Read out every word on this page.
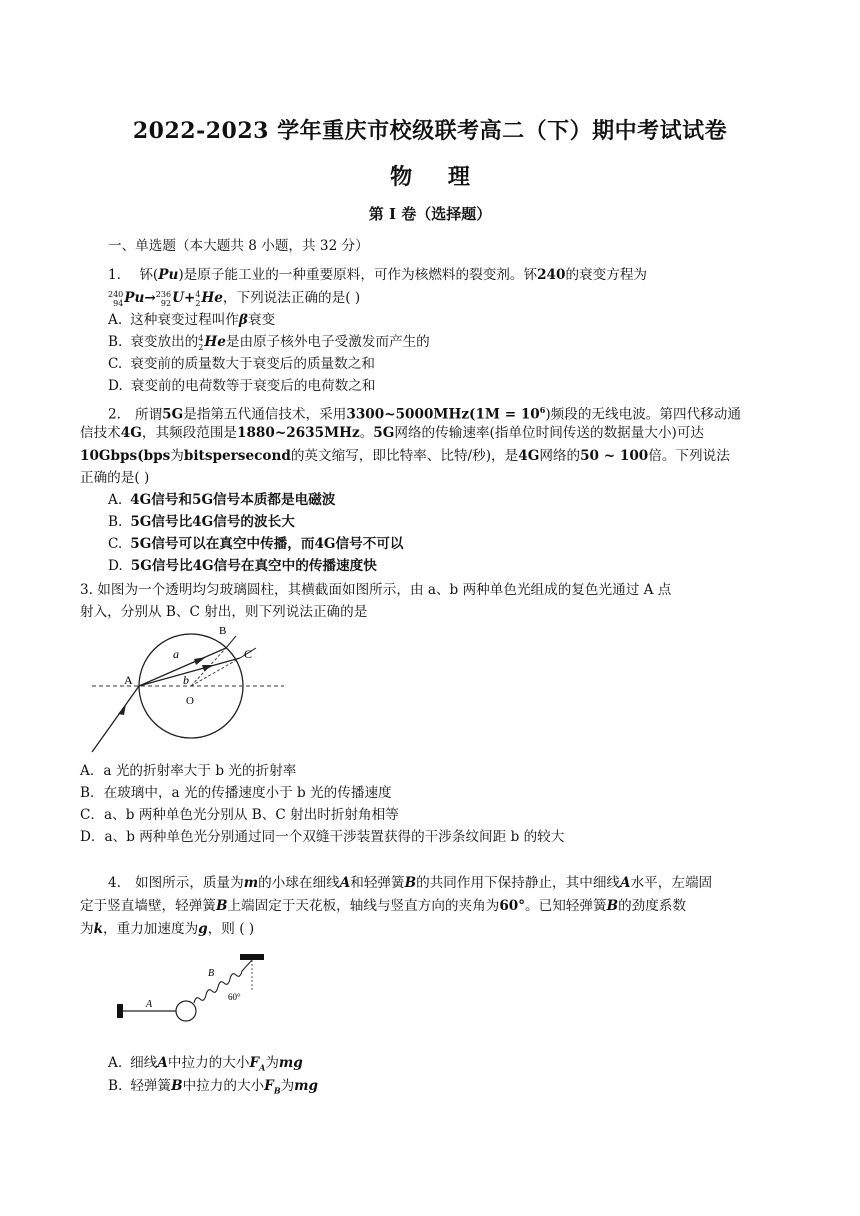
2022-2023 学年重庆市校级联考高二（下）期中考试试卷
物 理
第 I 卷（选择题）
一、单选题（本大题共 8 小题，共 32 分）
1. 钚(Pu)是原子能工业的一种重要原料，可作为核燃料的裂变剂。钚240的衰变方程为
240
94Pu→236
92U+4
2He，下列说法正确的是( )
A. 这种衰变过程叫作β衰变
B. 衰变放出的4
2He是由原子核外电子受激发而产生的
C. 衰变前的质量数大于衰变后的质量数之和
D. 衰变前的电荷数等于衰变后的电荷数之和
2. 所谓5G是指第五代通信技术，采用3300~5000MHz(1M = $10^6$)频段的无线电波。第四代移动通
信技术4G，其频段范围是1880~2635MHz。5G网络的传输速率(指单位时间传送的数据量大小)可达
10Gbps(bps为bitspersecond的英文缩写，即比特率、比特/秒)，是4G网络的50 ~ 100倍。下列说法
正确的是( )
A. 4G信号和5G信号本质都是电磁波
B. 5G信号比4G信号的波长大
C. 5G信号可以在真空中传播，而4G信号不可以
D. 5G信号比4G信号在真空中的传播速度快
3. 如图为一个透明均匀玻璃圆柱，其横截面如图所示，由 a、b 两种单色光组成的复色光通过 A 点
射入，分别从 B、C 射出，则下列说法正确的是
A
B
C
O
a
b
A．a 光的折射率大于 b 光的折射率
B．在玻璃中，a 光的传播速度小于 b 光的传播速度
C．a、b 两种单色光分别从 B、C 射出时折射角相等
D．a、b 两种单色光分别通过同一个双缝干涉装置获得的干涉条纹间距 b 的较大
4. 如图所示，质量为m的小球在细线A和轻弹簧B的共同作用下保持静止，其中细线A水平，左端固
定于竖直墙壁，轻弹簧B上端固定于天花板，轴线与竖直方向的夹角为60°。已知轻弹簧B的劲度系数
为k，重力加速度为g，则 ( )
A
B
60°
A. 细线A中拉力的大小$F_A$为mg
B. 轻弹簧B中拉力的大小$F_B$为mg
